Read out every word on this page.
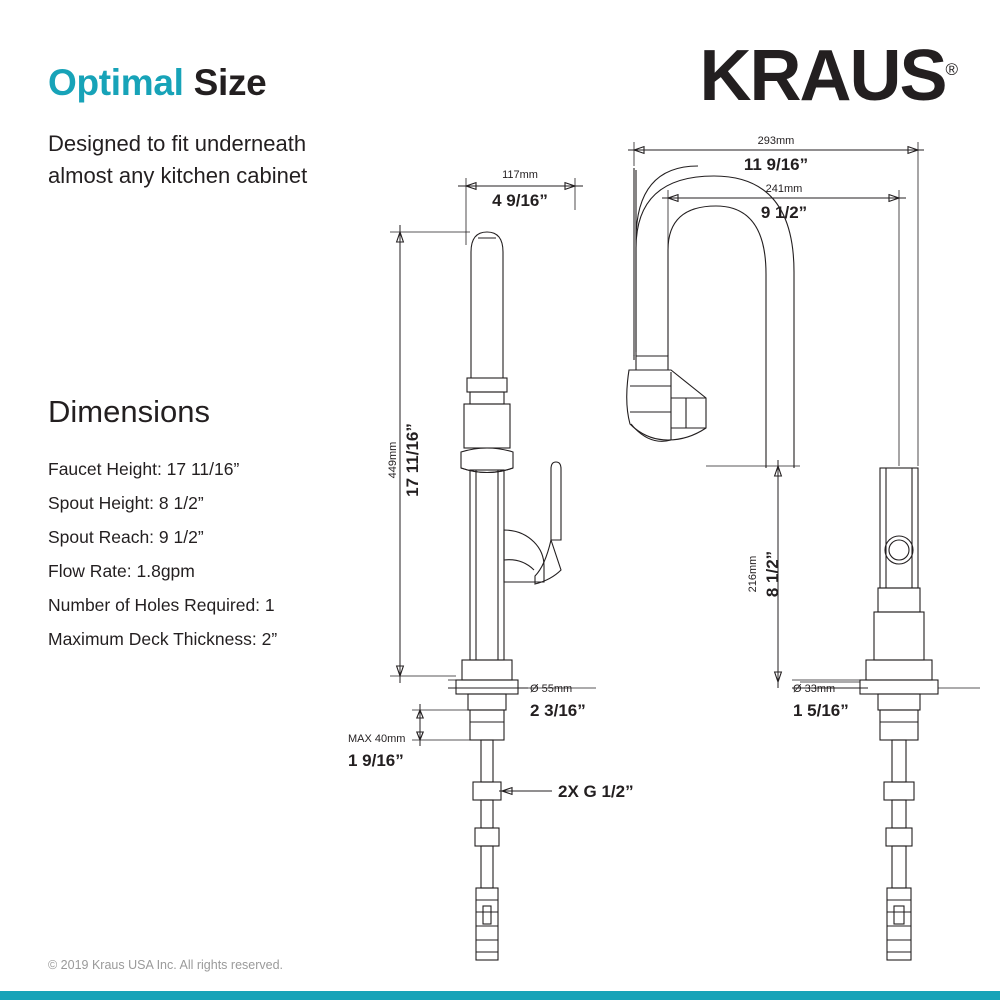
Optimal Size
Designed to fit underneath almost any kitchen cabinet
KRAUS®
Dimensions
Faucet Height: 17 11/16”
Spout Height: 8 1/2”
Spout Reach: 9 1/2”
Flow Rate: 1.8gpm
Number of Holes Required: 1
Maximum Deck Thickness: 2”
© 2019 Kraus USA Inc. All rights reserved.
117mm
4 9/16”
449mm 17 11/16”
Ø 55mm
2 3/16”
MAX 40mm
1 9/16”
2X G 1/2”
293mm
11 9/16”
241mm
9 1/2”
216mm 8 1/2”
Ø 33mm
1 5/16”
